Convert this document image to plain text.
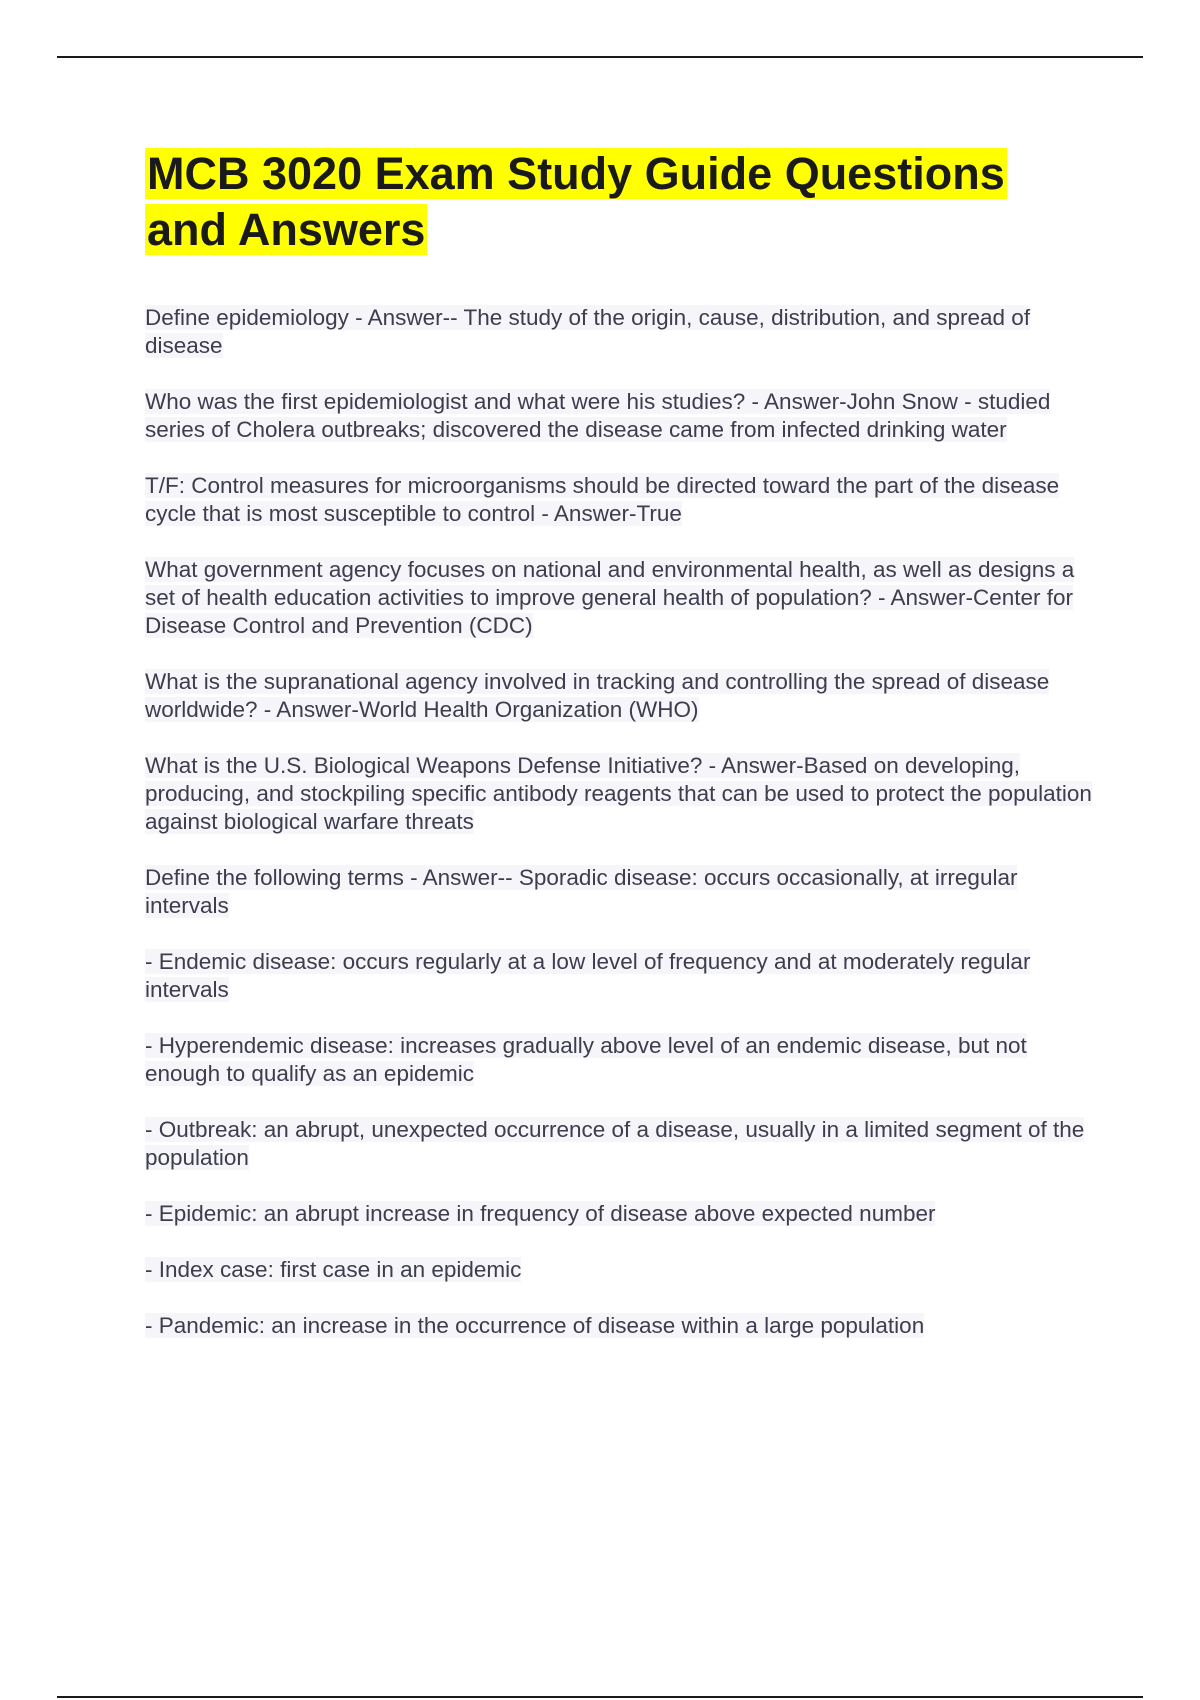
MCB 3020 Exam Study Guide Questions and Answers

Define epidemiology - Answer-- The study of the origin, cause, distribution, and spread of disease

Who was the first epidemiologist and what were his studies? - Answer-John Snow - studied series of Cholera outbreaks; discovered the disease came from infected drinking water

T/F: Control measures for microorganisms should be directed toward the part of the disease cycle that is most susceptible to control - Answer-True

What government agency focuses on national and environmental health, as well as designs a set of health education activities to improve general health of population? - Answer-Center for Disease Control and Prevention (CDC)

What is the supranational agency involved in tracking and controlling the spread of disease worldwide? - Answer-World Health Organization (WHO)

What is the U.S. Biological Weapons Defense Initiative? - Answer-Based on developing, producing, and stockpiling specific antibody reagents that can be used to protect the population against biological warfare threats

Define the following terms - Answer-- Sporadic disease: occurs occasionally, at irregular intervals

- Endemic disease: occurs regularly at a low level of frequency and at moderately regular intervals

- Hyperendemic disease: increases gradually above level of an endemic disease, but not enough to qualify as an epidemic

- Outbreak: an abrupt, unexpected occurrence of a disease, usually in a limited segment of the population

- Epidemic: an abrupt increase in frequency of disease above expected number

- Index case: first case in an epidemic

- Pandemic: an increase in the occurrence of disease within a large population
